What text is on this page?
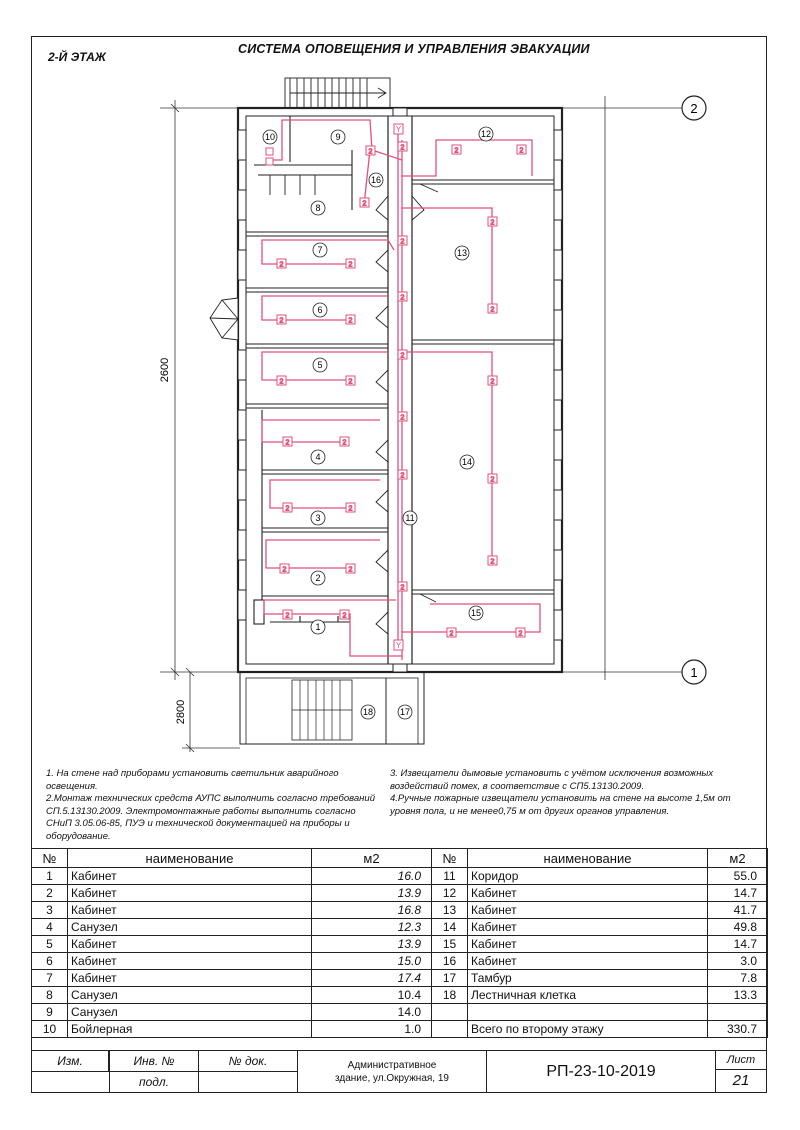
2-Й ЭТАЖ
СИСТЕМА ОПОВЕЩЕНИЯ И УПРАВЛЕНИЯ ЭВАКУАЦИИ
2
1
2600
2800
2
2
2
2
2
2
2
2
2
2	2
2	2
2	2
2	2
2	2
2	2
2	2
2	2
2
2
2
2
2
2	2
Y
Y
1
2
3
4
5
6
7
8
9
10
11
12
13
14
15
16
17
18
1. На стене над приборами установить светильник аварийного освещения.
2.Монтаж технических средств АУПС выполнить согласно требований СП.5.13130.2009. Электромонтажные работы выполнить согласно СНиП 3.05.06-85, ПУЭ и технической документацией на приборы и оборудование.
3. Извещатели дымовые установить с учётом исключения возможных воздействий помех, в соответствие с СП5.13130.2009.
4.Ручные пожарные извещатели установить на стене на высоте 1,5м от уровня пола, и не менее0,75 м от других органов управления.
№	наименование	м2	№	наименование	м2
1	Кабинет	16.0	11	Коридор	55.0
2	Кабинет	13.9	12	Кабинет	14.7
3	Кабинет	16.8	13	Кабинет	41.7
4	Санузел	12.3	14	Кабинет	49.8
5	Кабинет	13.9	15	Кабинет	14.7
6	Кабинет	15.0	16	Кабинет	3.0
7	Кабинет	17.4	17	Тамбур	7.8
8	Санузел	10.4	18	Лестничная клетка	13.3
9	Санузел	14.0			
10	Бойлерная	1.0		Всего по второму этажу	330.7
Изм.	Инв. №
подл.
№ док.	Административное
здание, ул.Окружная, 19	РП-23-10-2019
Лист
21
